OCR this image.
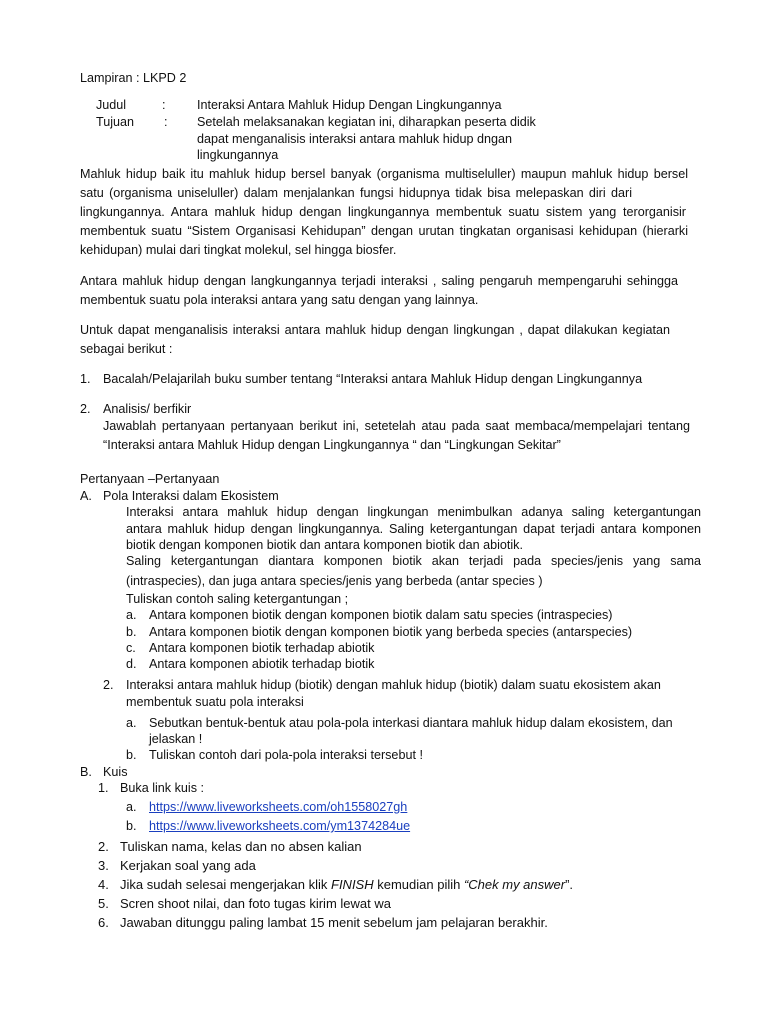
Lampiran : LKPD 2
Judul	:	Interaksi Antara Mahluk Hidup Dengan Lingkungannya
Tujuan : Setelah melaksanakan kegiatan ini, diharapkan peserta didik
dapat menganalisis interaksi antara mahluk hidup dngan
lingkungannya
Mahluk hidup baik itu mahluk hidup bersel banyak (organisma multiseluller) maupun mahluk hidup bersel
satu (organisma uniseluller) dalam menjalankan fungsi hidupnya tidak bisa melepaskan diri dari
lingkungannya. Antara mahluk hidup dengan lingkungannya membentuk suatu sistem yang terorganisir
membentuk suatu “Sistem Organisasi Kehidupan” dengan urutan tingkatan organisasi kehidupan (hierarki
kehidupan) mulai dari tingkat molekul, sel hingga biosfer.
Antara mahluk hidup dengan langkungannya terjadi interaksi , saling pengaruh mempengaruhi sehingga
membentuk suatu pola interaksi antara yang satu dengan yang lainnya.
Untuk dapat menganalisis interaksi antara mahluk hidup dengan lingkungan , dapat dilakukan kegiatan
sebagai berikut :
1. Bacalah/Pelajarilah buku sumber tentang “Interaksi antara Mahluk Hidup dengan Lingkungannya
2. Analisis/ berfikir
Jawablah pertanyaan pertanyaan berikut ini, setetelah atau pada saat membaca/mempelajari tentang
“Interaksi antara Mahluk Hidup dengan Lingkungannya “ dan “Lingkungan Sekitar”
Pertanyaan –Pertanyaan
A. Pola Interaksi dalam Ekosistem
Interaksi antara mahluk hidup dengan lingkungan menimbulkan adanya saling ketergantungan
antara mahluk hidup dengan lingkungannya. Saling ketergantungan dapat terjadi antara komponen
biotik dengan komponen biotik dan antara komponen biotik dan abiotik.
Saling ketergantungan diantara komponen biotik akan terjadi pada species/jenis yang sama
(intraspecies), dan juga antara species/jenis yang berbeda (antar species )
Tuliskan contoh saling ketergantungan ;
a. Antara komponen biotik dengan komponen biotik dalam satu species (intraspecies)
b. Antara komponen biotik dengan komponen biotik yang berbeda species (antarspecies)
c. Antara komponen biotik terhadap abiotik
d. Antara komponen abiotik terhadap biotik
2. Interaksi antara mahluk hidup (biotik) dengan mahluk hidup (biotik) dalam suatu ekosistem akan
membentuk suatu pola interaksi
a. Sebutkan bentuk-bentuk atau pola-pola interkasi diantara mahluk hidup dalam ekosistem, dan
jelaskan !
b. Tuliskan contoh dari pola-pola interaksi tersebut !
B. Kuis
1. Buka link kuis :
a. https://www.liveworksheets.com/oh1558027gh
b. https://www.liveworksheets.com/ym1374284ue
2. Tuliskan nama, kelas dan no absen kalian
3. Kerjakan soal yang ada
4. Jika sudah selesai mengerjakan klik FINISH kemudian pilih “Chek my answer”.
5. Scren shoot nilai, dan foto tugas kirim lewat wa
6. Jawaban ditunggu paling lambat 15 menit sebelum jam pelajaran berakhir.
